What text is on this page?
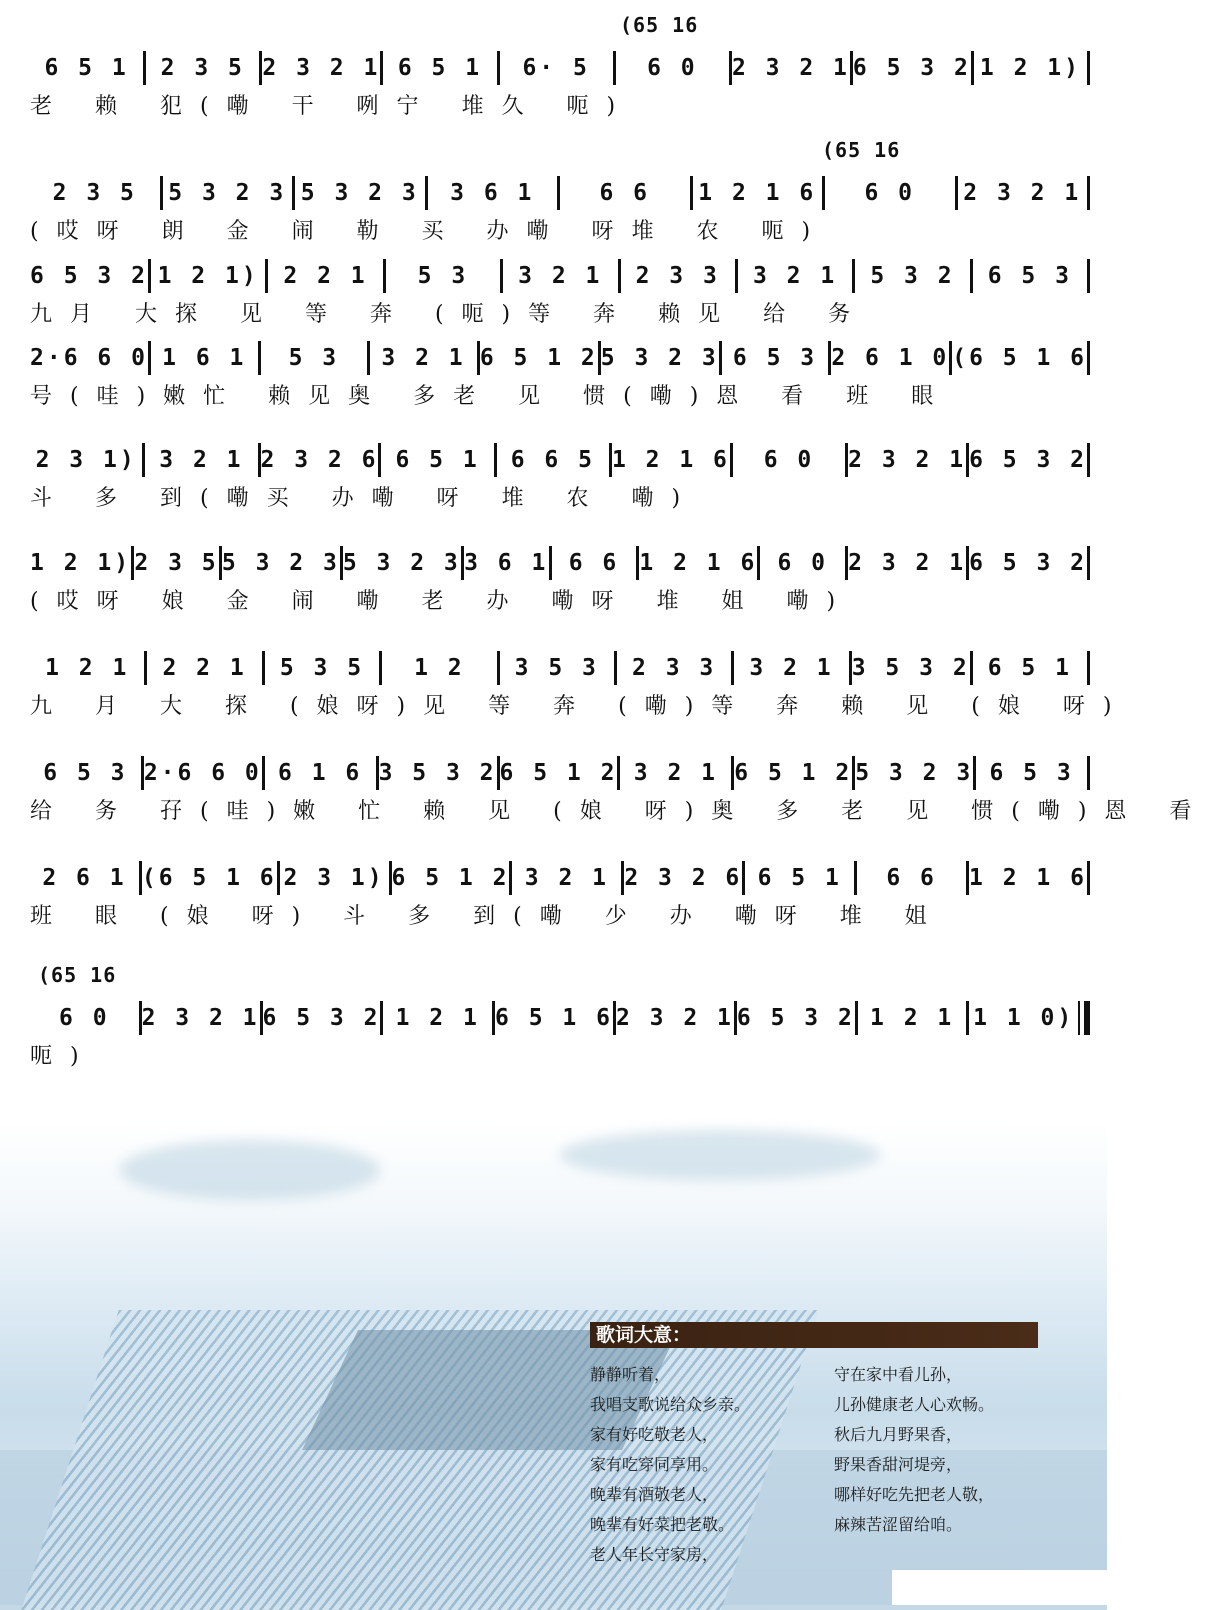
(65 16
6 5 1	2 3 5 2 3 2 1 6 5 1	6· 5	6 0	2 3 2 1 6 5 3 2 1 2 1)
老 赖 犯(嘞 干 咧宁 堆久 呃)
(65 16
2 3 5	5 3 2 3 5 3 2 3	3 6 1	6 6	1 2 1 6	6 0	2 3 2 1
(哎呀 朗 金 闹 勒 买 办嘞 呀堆 农 呃)
6 5 3 2 1 2 1)	2 2 1	5 3	3 2 1	2 3 3	3 2 1	5 3 2	6 5 3
九月 大探 见 等 奔 (呃)等 奔 赖见 给 务
2·6 6 0 1 6 1	5 3	3 2 1 6 5 1 2 5 3 2 3 6 5 3 2 6 1 0 (6 5 1 6
号(哇)嫩忙 赖见奥 多老 见 惯(嘞)恩 看 班 眼
2 3 1) 3 2 1 2 3 2 6 6 5 1	6 6 5 1 2 1 6	6 0	2 3 2 1 6 5 3 2
斗 多 到(嘞买 办嘞 呀 堆 农 嘞)
1 2 1) 2 3 5 5 3 2 3 5 3 2 3 3 6 1 6 6 1 2 1 6 6 0 2 3 2 1 6 5 3 2
(哎呀 娘 金 闹 嘞 老 办 嘞呀 堆 姐 嘞)
1 2 1	2 2 1	5 3 5	1 2	3 5 3	2 3 3	3 2 1 3 5 3 2 6 5 1
九 月 大 探 (娘呀)见 等 奔 (嘞)等 奔 赖 见 (娘 呀)
6 5 3 2·6 6 0 6 1 6 3 5 3 2 6 5 1 2 3 2 1 6 5 1 2 5 3 2 3 6 5 3
给 务 孖(哇)嫩 忙 赖 见 (娘 呀)奥 多 老 见 惯(嘞)恩 看
2 6 1 (6 5 1 6 2 3 1) 6 5 1 2 3 2 1 2 3 2 6 6 5 1	6 6	1 2 1 6
班 眼 (娘 呀) 斗 多 到(嘞 少 办 嘞呀 堆 姐
(65 16
6 0	2 3 2 1 6 5 3 2 1 2 1 6 5 1 6 2 3 2 1 6 5 3 2 1 2 1 1 1 0)
呃)
歌词大意：
静静听着，
我唱支歌说给众乡亲。
家有好吃敬老人，
家有吃穿同享用。
晚辈有酒敬老人，
晚辈有好菜把老敬。
老人年长守家房，
守在家中看儿孙，
儿孙健康老人心欢畅。
秋后九月野果香，
野果香甜河堤旁，
哪样好吃先把老人敬，
麻辣苦涩留给咱。
